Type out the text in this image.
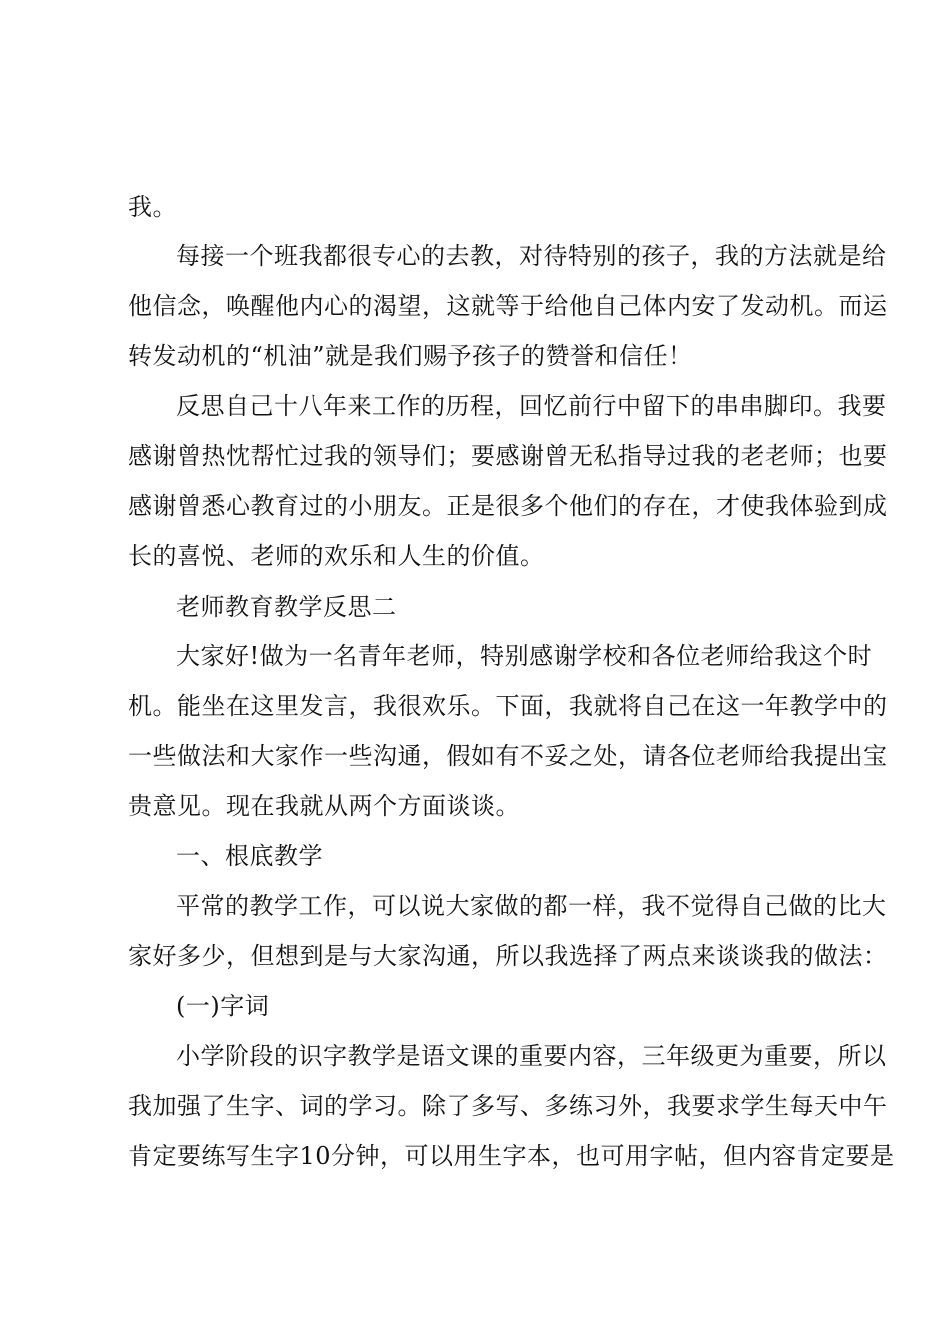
我。
每接一个班我都很专心的去教，对待特别的孩子，我的方法就是给
他信念，唤醒他内心的渴望，这就等于给他自己体内安了发动机。而运
转发动机的“机油”就是我们赐予孩子的赞誉和信任！
反思自己十八年来工作的历程，回忆前行中留下的串串脚印。我要
感谢曾热忱帮忙过我的领导们；要感谢曾无私指导过我的老老师；也要
感谢曾悉心教育过的小朋友。正是很多个他们的存在，才使我体验到成
长的喜悦、老师的欢乐和人生的价值。
老师教育教学反思二
大家好!做为一名青年老师，特别感谢学校和各位老师给我这个时
机。能坐在这里发言，我很欢乐。下面，我就将自己在这一年教学中的
一些做法和大家作一些沟通，假如有不妥之处，请各位老师给我提出宝
贵意见。现在我就从两个方面谈谈。
一、根底教学
平常的教学工作，可以说大家做的都一样，我不觉得自己做的比大
家好多少，但想到是与大家沟通，所以我选择了两点来谈谈我的做法：
(一)字词
小学阶段的识字教学是语文课的重要内容，三年级更为重要，所以
我加强了生字、词的学习。除了多写、多练习外，我要求学生每天中午
肯定要练写生字10分钟，可以用生字本，也可用字帖，但内容肯定要是
